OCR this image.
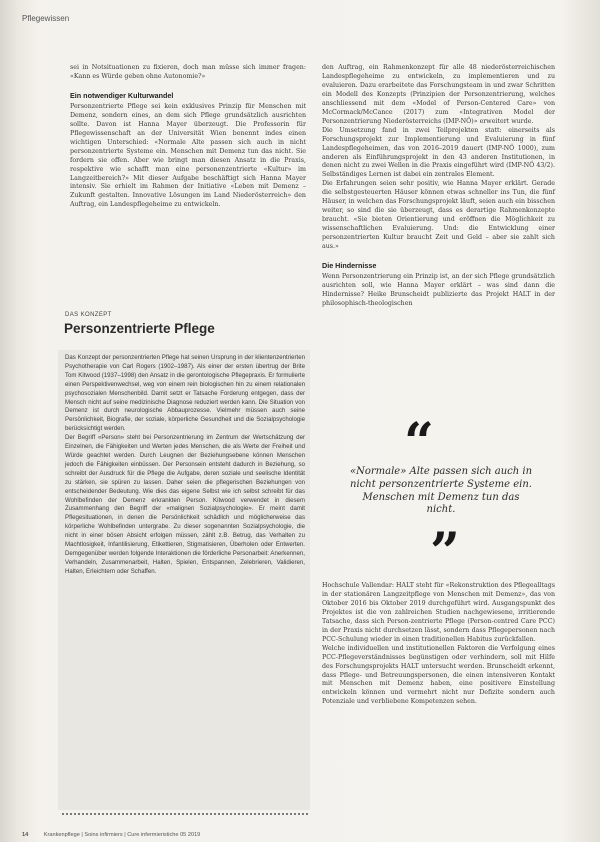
Pflegewissen

sei in Notsituationen zu fixieren, doch man müsse sich immer fragen: «Kann es Würde geben ohne Autonomie?»

Ein notwendiger Kulturwandel

Personzentrierte Pflege sei kein exklusives Prinzip für Menschen mit Demenz, sondern eines, an dem sich Pflege grundsätzlich ausrichten sollte. Davon ist Hanna Mayer überzeugt. Die Professorin für Pflegewissenschaft an der Universität Wien benennt indes einen wichtigen Unterschied: «Normale Alte passen sich auch in nicht personzentrierte Systeme ein. Menschen mit Demenz tun das nicht. Sie fordern sie offen. Aber wie bringt man diesen Ansatz in die Praxis, respektive wie schafft man eine personenzentrierte «Kultur» im Langzeitbereich?» Mit dieser Aufgabe beschäftigt sich Hanna Mayer intensiv. Sie erhielt im Rahmen der Initiative «Leben mit Demenz – Zukunft gestalten. Innovative Lösungen im Land Niederösterreich» den Auftrag, ein Landespflegeheime zu entwickeln.

den Auftrag, ein Rahmenkonzept für alle 48 niederösterreichischen Landespflegeheime zu entwickeln, zu implementieren und zu evaluieren. Dazu erarbeitete das Forschungsteam in und zwar Schritten ein Modell des Konzepts (Prinzipien der Personzentrierung, welches anschliessend mit dem «Model of Person-Centered Care» von McCormack/McCance (2017) zum «Integrativen Model der Personzentrierung Niederösterreichs (IMP-NÖ)» erweitert wurde.

Die Umsetzung fand in zwei Teilprojekten statt: einerseits als Forschungsprojekt zur Implementierung und Evaluierung in fünf Landespflegeheimen, das von 2016–2019 dauert (IMP-NÖ 1000), zum anderen als Einführungsprojekt in den 43 anderen Institutionen, in denen nicht zu zwei Wellen in die Praxis eingeführt wird (IMP-NÖ 43/2). Selbständiges Lernen ist dabei ein zentrales Element.

Die Erfahrungen seien sehr positiv, wie Hanna Mayer erklärt. Gerade die selbstgesteuerten Häuser können etwas schneller ins Tun, die fünf Häuser, in welchen das Forschungsprojekt läuft, seien auch ein bisschen weiter, so sind die sie überzeugt, dass es derartige Rahmenkonzepte braucht. «Sie bieten Orientierung und eröffnen die Möglichkeit zu wissenschaftlichen Evaluierung. Und: die Entwicklung einer personzentrierten Kultur braucht Zeit und Geld – aber sie zahlt sich aus.»

Die Hindernisse

Wenn Personzentrierung ein Prinzip ist, an der sich Pflege grundsätzlich ausrichten soll, wie Hanna Mayer erklärt – was sind dann die Hindernisse? Heike Brunscheidt publizierte das Projekt HALT in der philosophisch-theologischen

DAS KONZEPT
Personzentrierte Pflege

Das Konzept der personzentrierten Pflege hat seinen Ursprung in der klientenzentrierten Psychotherapie von Carl Rogers (1902–1987). Als einer der ersten übertrug der Brite Tom Kitwood (1937–1998) den Ansatz in die gerontologische Pflegepraxis. Er formulierte einen Perspektivenwechsel, weg von einem rein biologischen hin zu einem relationalen psychosozialen Menschenbild. Damit setzt er Tatsache Forderung entgegen, dass der Mensch nicht auf seine medizinische Diagnose reduziert werden kann. Die Situation von Demenz ist durch neurologische Abbauprozesse. Vielmehr müssen auch seine Persönlichkeit, Biografie, der soziale, körperliche Gesundheit und die Sozialpsychologie berücksichtigt werden.

Der Begriff «Person» steht bei Personzentrierung im Zentrum der Wertschätzung der Einzelnen, die Fähigkeiten und Werten jedes Menschen, die als Werte der Freiheit und Würde geachtet werden. Durch Leugnen der Beziehungsebene können Menschen jedoch die Fähigkeiten einbüssen. Der Personsein entsteht dadurch in Beziehung, so schreibt der Ausdruck für die Pflege die Aufgabe, deren soziale und seelische Identität zu stärken, sie spüren zu lassen. Daher seien die pflegerischen Beziehungen von entscheidender Bedeutung. Wie dies das eigene Selbst wie ich selbst schreibt für das Wohlbefinden der Demenz erkrankten Person. Kitwood verwendet in diesem Zusammenhang den Begriff der «malignen Sozialpsychologie». Er meint damit Pflegesituationen, in denen die Persönlichkeit schädlich und möglicherweise das körperliche Wohlbefinden untergrabe. Zu dieser sogenannten Sozialpsychologie, die nicht in einer bösen Absicht erfolgen müssen, zählt z.B. Betrug, das Verhalten zu Machtlosigkeit, Infantilisierung, Etikettieren, Stigmatisieren, Überholen oder Entwerten. Demgegenüber werden folgende Interaktionen die förderliche Personarbeit: Anerkennen, Verhandeln, Zusammenarbeit, Halten, Spielen, Entspannen, Zelebrieren, Validieren, Halten, Erleichtern oder Schaffen.

“
«Normale» Alte passen sich auch in nicht personzentrierte Systeme ein. Menschen mit Demenz tun das nicht.
”

Hochschule Vallendar: HALT steht für «Rekonstruktion des Pflegealltags in der stationären Langzeitpflege von Menschen mit Demenz», das von Oktober 2016 bis Oktober 2019 durchgeführt wird. Ausgangspunkt des Projektes ist die von zahlreichen Studien nachgewiesene, irritierende Tatsache, dass sich Person-zentrierte Pflege (Person-centred Care PCC) in der Praxis nicht durchsetzen lässt, sondern dass Pflegepersonen nach PCC-Schulung wieder in einen traditionellen Habitus zurückfallen.

Welche individuellen und institutionellen Faktoren die Verfolgung eines PCC-Pflegeverständnisses begünstigen oder verhindern, soll mit Hilfe des Forschungsprojekts HALT untersucht werden. Brunscheidt erkennt, dass Pflege- und Betreuungspersonen, die einen intensiveren Kontakt mit Menschen mit Demenz haben, eine positivere Einstellung entwickeln können und vermehrt nicht nur Defizite sondern auch Potenziale und verbliebene Kompetenzen sehen.

14	Krankenpflege | Soins infirmiers | Cure infermieristiche 05 2019
